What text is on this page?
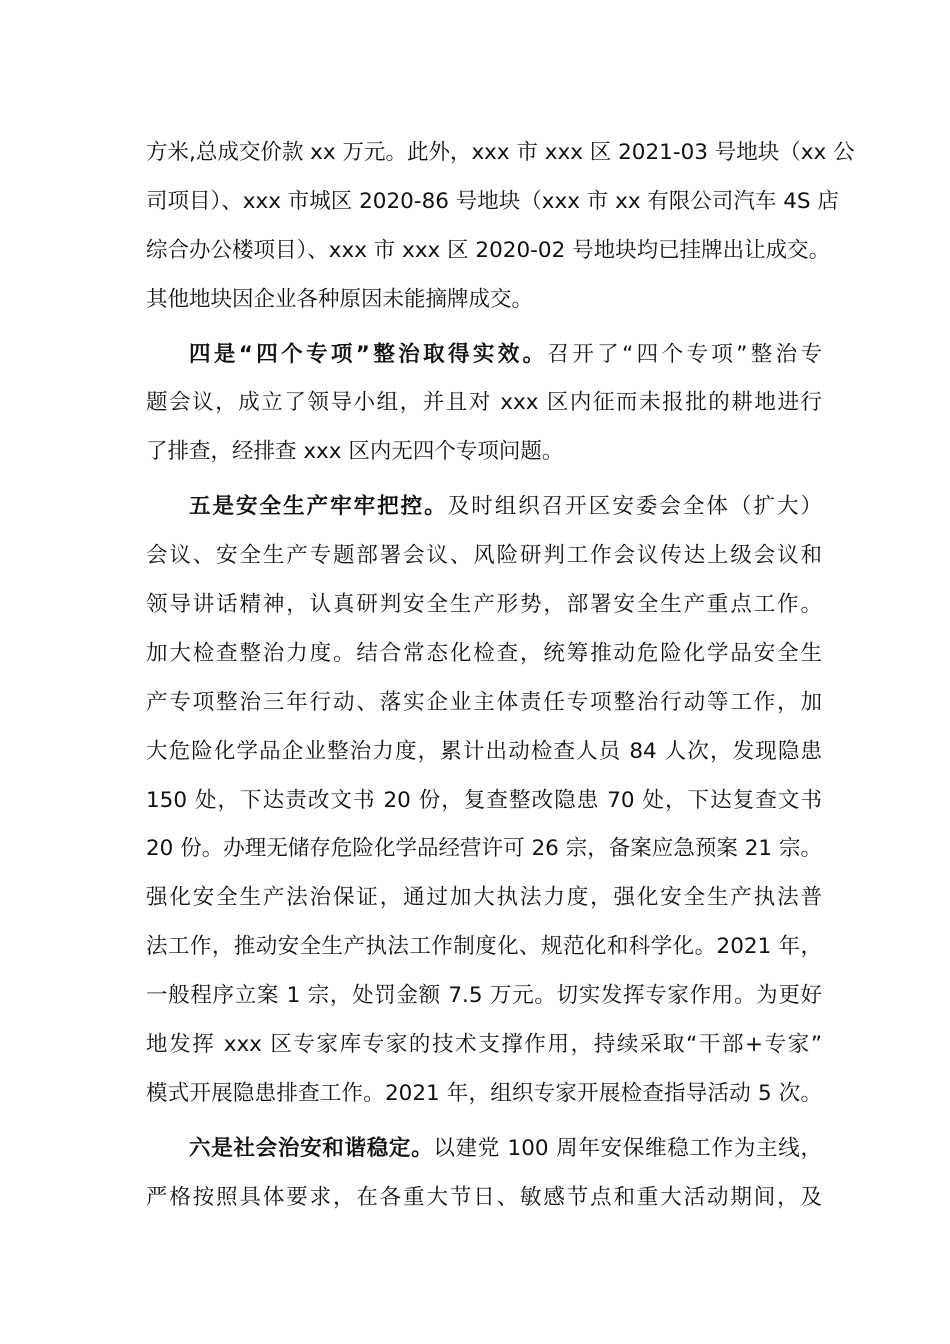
方米,总成交价款 xx 万元。此外，xxx 市 xxx 区 2021-03 号地块（xx 公
司项目）、xxx 市城区 2020-86 号地块（xxx 市 xx 有限公司汽车 4S 店
综合办公楼项目）、xxx 市 xxx 区 2020-02 号地块均已挂牌出让成交。
其他地块因企业各种原因未能摘牌成交。
四是“四个专项”整治取得实效。召开了“四个专项”整治专
题会议，成立了领导小组，并且对 xxx 区内征而未报批的耕地进行
了排查，经排查 xxx 区内无四个专项问题。
五是安全生产牢牢把控。及时组织召开区安委会全体（扩大）
会议、安全生产专题部署会议、风险研判工作会议传达上级会议和
领导讲话精神，认真研判安全生产形势，部署安全生产重点工作。
加大检查整治力度。结合常态化检查，统筹推动危险化学品安全生
产专项整治三年行动、落实企业主体责任专项整治行动等工作，加
大危险化学品企业整治力度，累计出动检查人员 84 人次，发现隐患
150 处，下达责改文书 20 份，复查整改隐患 70 处，下达复查文书
20 份。办理无储存危险化学品经营许可 26 宗，备案应急预案 21 宗。
强化安全生产法治保证，通过加大执法力度，强化安全生产执法普
法工作，推动安全生产执法工作制度化、规范化和科学化。2021 年，
一般程序立案 1 宗，处罚金额 7.5 万元。切实发挥专家作用。为更好
地发挥 xxx 区专家库专家的技术支撑作用，持续采取“干部+专家”
模式开展隐患排查工作。2021 年，组织专家开展检查指导活动 5 次。
六是社会治安和谐稳定。以建党 100 周年安保维稳工作为主线，
严格按照具体要求，在各重大节日、敏感节点和重大活动期间，及
